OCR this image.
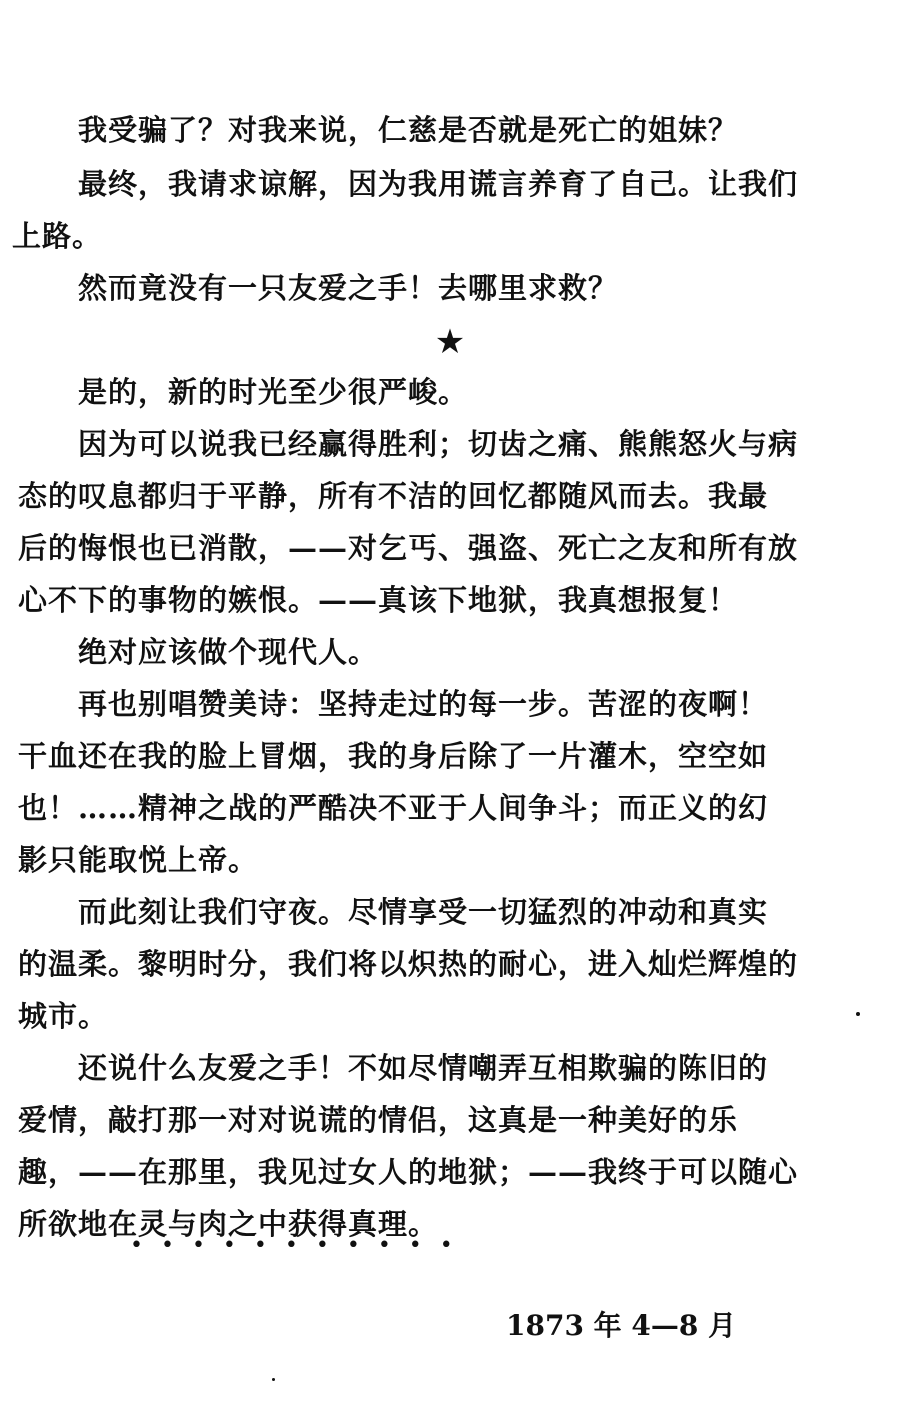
我受骗了？对我来说，仁慈是否就是死亡的姐妹？
最终，我请求谅解，因为我用谎言养育了自己。让我们
上路。
然而竟没有一只友爱之手！去哪里求救？
★
是的，新的时光至少很严峻。
因为可以说我已经赢得胜利；切齿之痛、熊熊怒火与病
态的叹息都归于平静，所有不洁的回忆都随风而去。我最
后的悔恨也已消散，——对乞丐、强盗、死亡之友和所有放
心不下的事物的嫉恨。——真该下地狱，我真想报复！
绝对应该做个现代人。
再也别唱赞美诗：坚持走过的每一步。苦涩的夜啊！
干血还在我的脸上冒烟，我的身后除了一片灌木，空空如
也！……精神之战的严酷决不亚于人间争斗；而正义的幻
影只能取悦上帝。
而此刻让我们守夜。尽情享受一切猛烈的冲动和真实
的温柔。黎明时分，我们将以炽热的耐心，进入灿烂辉煌的
城市。
还说什么友爱之手！不如尽情嘲弄互相欺骗的陈旧的
爱情，敲打那一对对说谎的情侣，这真是一种美好的乐
趣，——在那里，我见过女人的地狱；——我终于可以随心
所欲地在灵与肉之中获得真理。
•••••••••••
1873 年 4—8 月
